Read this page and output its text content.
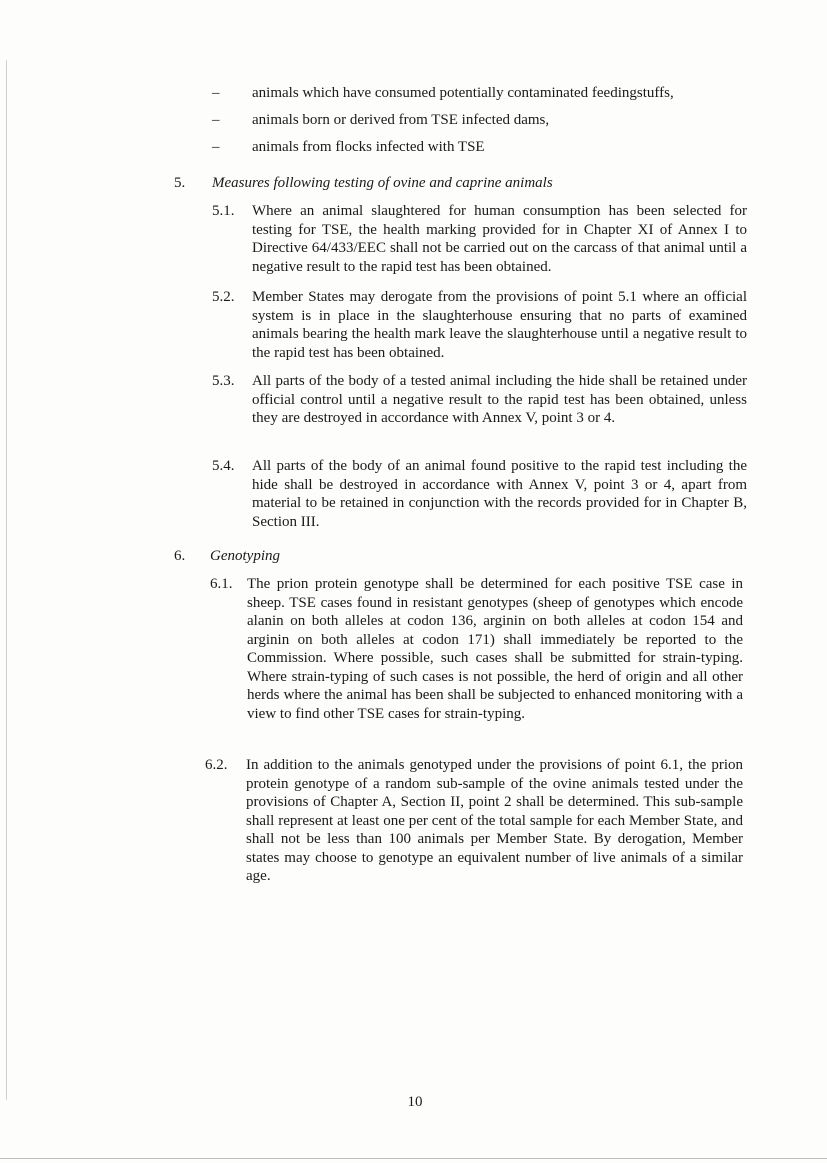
–	animals which have consumed potentially contaminated feedingstuffs,
–	animals born or derived from TSE infected dams,
–	animals from flocks infected with TSE
5. Measures following testing of ovine and caprine animals
5.1. Where an animal slaughtered for human consumption has been selected for testing for TSE, the health marking provided for in Chapter XI of Annex I to Directive 64/433/EEC shall not be carried out on the carcass of that animal until a negative result to the rapid test has been obtained.
5.2. Member States may derogate from the provisions of point 5.1 where an official system is in place in the slaughterhouse ensuring that no parts of examined animals bearing the health mark leave the slaughterhouse until a negative result to the rapid test has been obtained.
5.3. All parts of the body of a tested animal including the hide shall be retained under official control until a negative result to the rapid test has been obtained, unless they are destroyed in accordance with Annex V, point 3 or 4.
5.4. All parts of the body of an animal found positive to the rapid test including the hide shall be destroyed in accordance with Annex V, point 3 or 4, apart from material to be retained in conjunction with the records provided for in Chapter B, Section III.
6. Genotyping
6.1. The prion protein genotype shall be determined for each positive TSE case in sheep. TSE cases found in resistant genotypes (sheep of genotypes which encode alanin on both alleles at codon 136, arginin on both alleles at codon 154 and arginin on both alleles at codon 171) shall immediately be reported to the Commission. Where possible, such cases shall be submitted for strain-typing. Where strain-typing of such cases is not possible, the herd of origin and all other herds where the animal has been shall be subjected to enhanced monitoring with a view to find other TSE cases for strain-typing.
6.2. In addition to the animals genotyped under the provisions of point 6.1, the prion protein genotype of a random sub-sample of the ovine animals tested under the provisions of Chapter A, Section II, point 2 shall be determined. This sub-sample shall represent at least one per cent of the total sample for each Member State, and shall not be less than 100 animals per Member State. By derogation, Member states may choose to genotype an equivalent number of live animals of a similar age.
10
